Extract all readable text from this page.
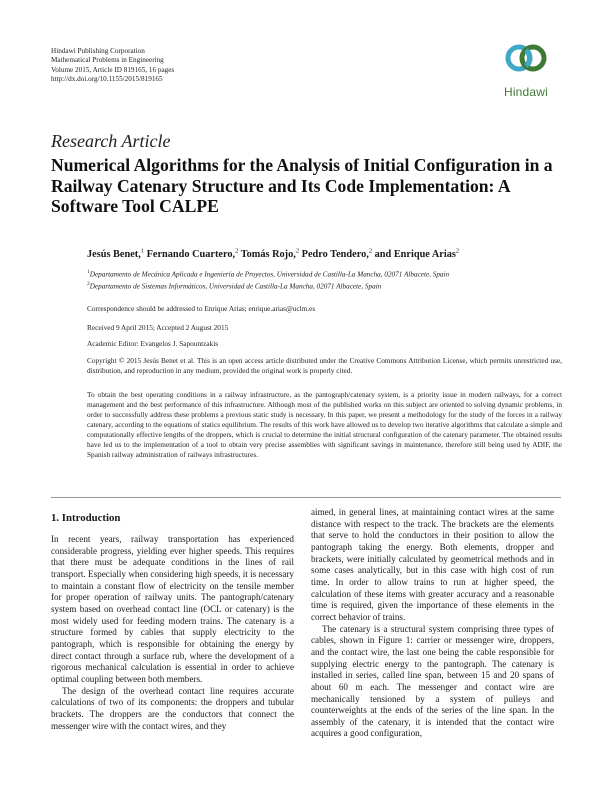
Hindawi Publishing Corporation
Mathematical Problems in Engineering
Volume 2015, Article ID 819165, 16 pages
http://dx.doi.org/10.1155/2015/819165
Hindawi
Research Article
Numerical Algorithms for the Analysis of Initial Configuration in a Railway Catenary Structure and Its Code Implementation: A Software Tool CALPE
Jesús Benet,$^1$ Fernando Cuartero,$^2$ Tomás Rojo,$^2$ Pedro Tendero,$^2$ and Enrique Arias$^2$
$^1$Departamento de Mecánica Aplicada e Ingeniería de Proyectos, Universidad de Castilla-La Mancha, 02071 Albacete, Spain
$^2$Departamento de Sistemas Informáticos, Universidad de Castilla-La Mancha, 02071 Albacete, Spain
Correspondence should be addressed to Enrique Arias; enrique.arias@uclm.es
Received 9 April 2015; Accepted 2 August 2015
Academic Editor: Evangelos J. Sapountzakis
Copyright © 2015 Jesús Benet et al. This is an open access article distributed under the Creative Commons Attribution License, which permits unrestricted use, distribution, and reproduction in any medium, provided the original work is properly cited.
To obtain the best operating conditions in a railway infrastructure, as the pantograph/catenary system, is a priority issue in modern railways, for a correct management and the best performance of this infrastructure. Although most of the published works on this subject are oriented to solving dynamic problems, in order to successfully address these problems a previous static study is necessary. In this paper, we present a methodology for the study of the forces in a railway catenary, according to the equations of statics equilibrium. The results of this work have allowed us to develop two iterative algorithms that calculate a simple and computationally effective lengths of the droppers, which is crucial to determine the initial structural configuration of the catenary parameter. The obtained results have led us to the implementation of a tool to obtain very precise assemblies with significant savings in maintenance, therefore still being used by ADIF, the Spanish railway administration of railways infrastructures.
1. Introduction

In recent years, railway transportation has experienced considerable progress, yielding ever higher speeds. This requires that there must be adequate conditions in the lines of rail transport. Especially when considering high speeds, it is necessary to maintain a constant flow of electricity on the tensile member for proper operation of railway units. The pantograph/catenary system based on overhead contact line (OCL or catenary) is the most widely used for feeding modern trains. The catenary is a structure formed by cables that supply electricity to the pantograph, which is responsible for obtaining the energy by direct contact through a surface rub, where the development of a rigorous mechanical calculation is essential in order to achieve optimal coupling between both members.

The design of the overhead contact line requires accurate calculations of two of its components: the droppers and tubular brackets. The droppers are the conductors that connect the messenger wire with the contact wires, and they

aimed, in general lines, at maintaining contact wires at the same distance with respect to the track. The brackets are the elements that serve to hold the conductors in their position to allow the pantograph taking the energy. Both elements, dropper and brackets, were initially calculated by geometrical methods and in some cases analytically, but in this case with high cost of run time. In order to allow trains to run at higher speed, the calculation of these items with greater accuracy and a reasonable time is required, given the importance of these elements in the correct behavior of trains.

The catenary is a structural system comprising three types of cables, shown in Figure 1: carrier or messenger wire, droppers, and the contact wire, the last one being the cable responsible for supplying electric energy to the pantograph. The catenary is installed in series, called line span, between 15 and 20 spans of about 60 m each. The messenger and contact wire are mechanically tensioned by a system of pulleys and counterweights at the ends of the series of the line span. In the assembly of the catenary, it is intended that the contact wire acquires a good configuration,
